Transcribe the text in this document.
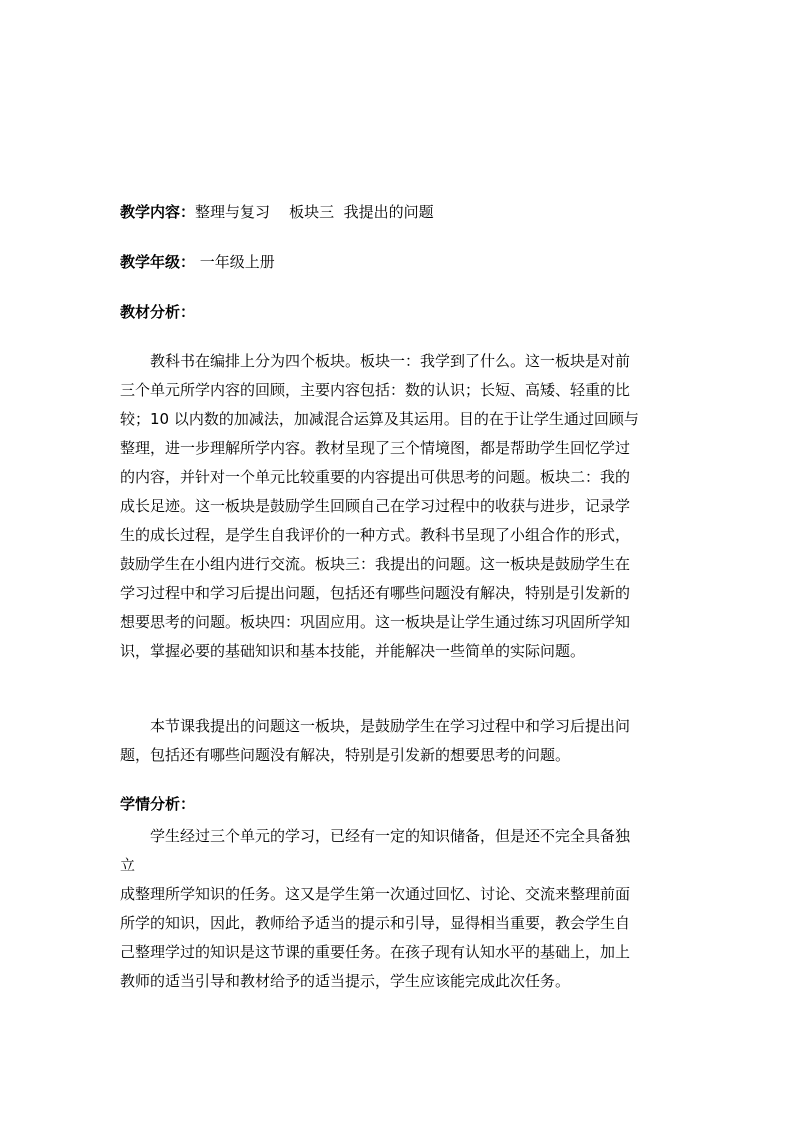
教学内容：整理与复习    板块三  我提出的问题
教学年级： 一年级上册
教材分析：
教科书在编排上分为四个板块。板块一：我学到了什么。这一板块是对前
三个单元所学内容的回顾，主要内容包括：数的认识；长短、高矮、轻重的比
较；10 以内数的加减法，加减混合运算及其运用。目的在于让学生通过回顾与
整理，进一步理解所学内容。教材呈现了三个情境图，都是帮助学生回忆学过
的内容，并针对一个单元比较重要的内容提出可供思考的问题。板块二：我的
成长足迹。这一板块是鼓励学生回顾自己在学习过程中的收获与进步，记录学
生的成长过程，是学生自我评价的一种方式。教科书呈现了小组合作的形式，
鼓励学生在小组内进行交流。板块三：我提出的问题。这一板块是鼓励学生在
学习过程中和学习后提出问题，包括还有哪些问题没有解决，特别是引发新的
想要思考的问题。板块四：巩固应用。这一板块是让学生通过练习巩固所学知
识，掌握必要的基础知识和基本技能，并能解决一些简单的实际问题。
本节课我提出的问题这一板块，是鼓励学生在学习过程中和学习后提出问
题，包括还有哪些问题没有解决，特别是引发新的想要思考的问题。
学情分析：
学生经过三个单元的学习，已经有一定的知识储备，但是还不完全具备独
立
成整理所学知识的任务。这又是学生第一次通过回忆、讨论、交流来整理前面
所学的知识，因此，教师给予适当的提示和引导，显得相当重要，教会学生自
己整理学过的知识是这节课的重要任务。在孩子现有认知水平的基础上，加上
教师的适当引导和教材给予的适当提示，学生应该能完成此次任务。
